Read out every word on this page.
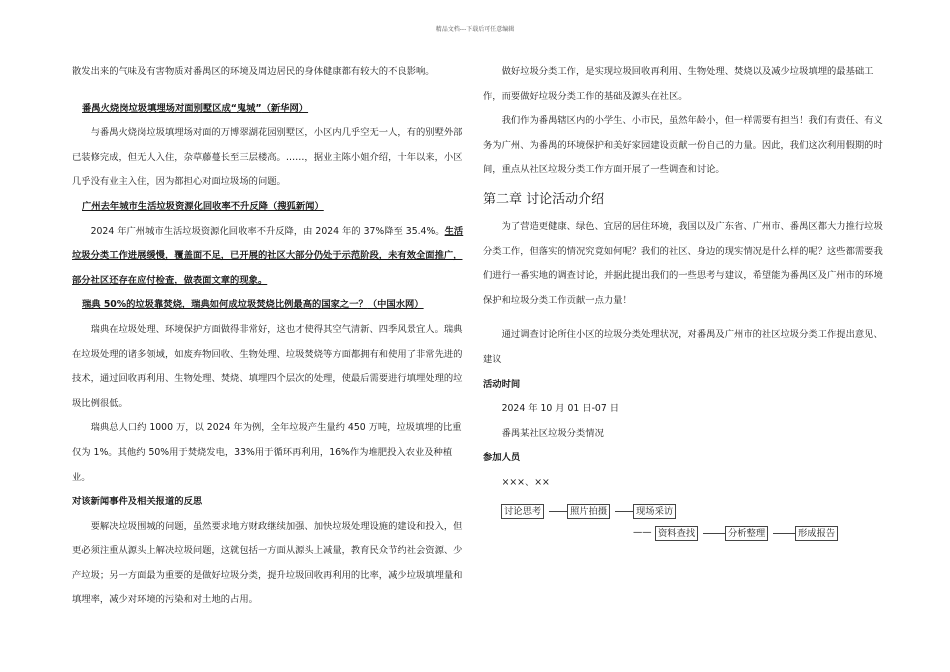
精品文档---下载后可任意编辑

散发出来的气味及有害物质对番禺区的环境及周边居民的身体健康都有较大的不良影响。

番禺火烧岗垃圾填埋场对面别墅区成“鬼城”（新华网）

与番禺火烧岗垃圾填埋场对面的万博翠湖花园别墅区，小区内几乎空无一人，有的别墅外部已装修完成，但无人入住，杂草藤蔓长至三层楼高。……，据业主陈小姐介绍，十年以来，小区几乎没有业主入住，因为都担心对面垃圾场的问题。

广州去年城市生活垃圾资源化回收率不升反降（搜狐新闻）

2024 年广州城市生活垃圾资源化回收率不升反降，由 2024 年的 37%降至 35.4%。生活垃圾分类工作进展缓慢，覆盖面不足，已开展的社区大部分仍处于示范阶段，未有效全面推广，部分社区还存在应付检查，做表面文章的现象。

瑞典 50%的垃圾靠焚烧，瑞典如何成垃圾焚烧比例最高的国家之一？（中国水网）

瑞典在垃圾处理、环境保护方面做得非常好，这也才使得其空气清新、四季风景宜人。瑞典在垃圾处理的诸多领域，如废弃物回收、生物处理、垃圾焚烧等方面都拥有和使用了非常先进的技术，通过回收再利用、生物处理、焚烧、填埋四个层次的处理，使最后需要进行填埋处理的垃圾比例很低。

瑞典总人口约 1000 万，以 2024 年为例，全年垃圾产生量约 450 万吨，垃圾填埋的比重仅为 1%。其他约 50%用于焚烧发电，33%用于循环再利用，16%作为堆肥投入农业及种植业。

对该新闻事件及相关报道的反思

要解决垃圾围城的问题，虽然要求地方财政继续加强、加快垃圾处理设施的建设和投入，但更必须注重从源头上解决垃圾问题，这就包括一方面从源头上减量，教育民众节约社会资源、少产垃圾；另一方面最为重要的是做好垃圾分类，提升垃圾回收再利用的比率，减少垃圾填埋量和填埋率，减少对环境的污染和对土地的占用。

做好垃圾分类工作，是实现垃圾回收再利用、生物处理、焚烧以及减少垃圾填埋的最基础工作，而要做好垃圾分类工作的基础及源头在社区。

我们作为番禺辖区内的小学生、小市民，虽然年龄小，但一样需要有担当！我们有责任、有义务为广州、为番禺的环境保护和美好家园建设贡献一份自己的力量。因此，我们这次利用假期的时间，重点从社区垃圾分类工作方面开展了一些调查和讨论。

第二章 讨论活动介绍

为了营造更健康、绿色、宜居的居住环境，我国以及广东省、广州市、番禺区都大力推行垃圾分类工作，但落实的情况究竟如何呢？我们的社区、身边的现实情况是什么样的呢？这些都需要我们进行一番实地的调查讨论，并据此提出我们的一些思考与建议，希望能为番禺区及广州市的环境保护和垃圾分类工作贡献一点力量！

通过调查讨论所住小区的垃圾分类处理状况，对番禺及广州市的社区垃圾分类工作提出意见、建议

活动时间

2024 年 10 月 01 日-07 日

番禺某社区垃圾分类情况

参加人员

×××、××

讨论思考	照片拍摄	现场采访
—— 资料查找	分析整理	形成报告
